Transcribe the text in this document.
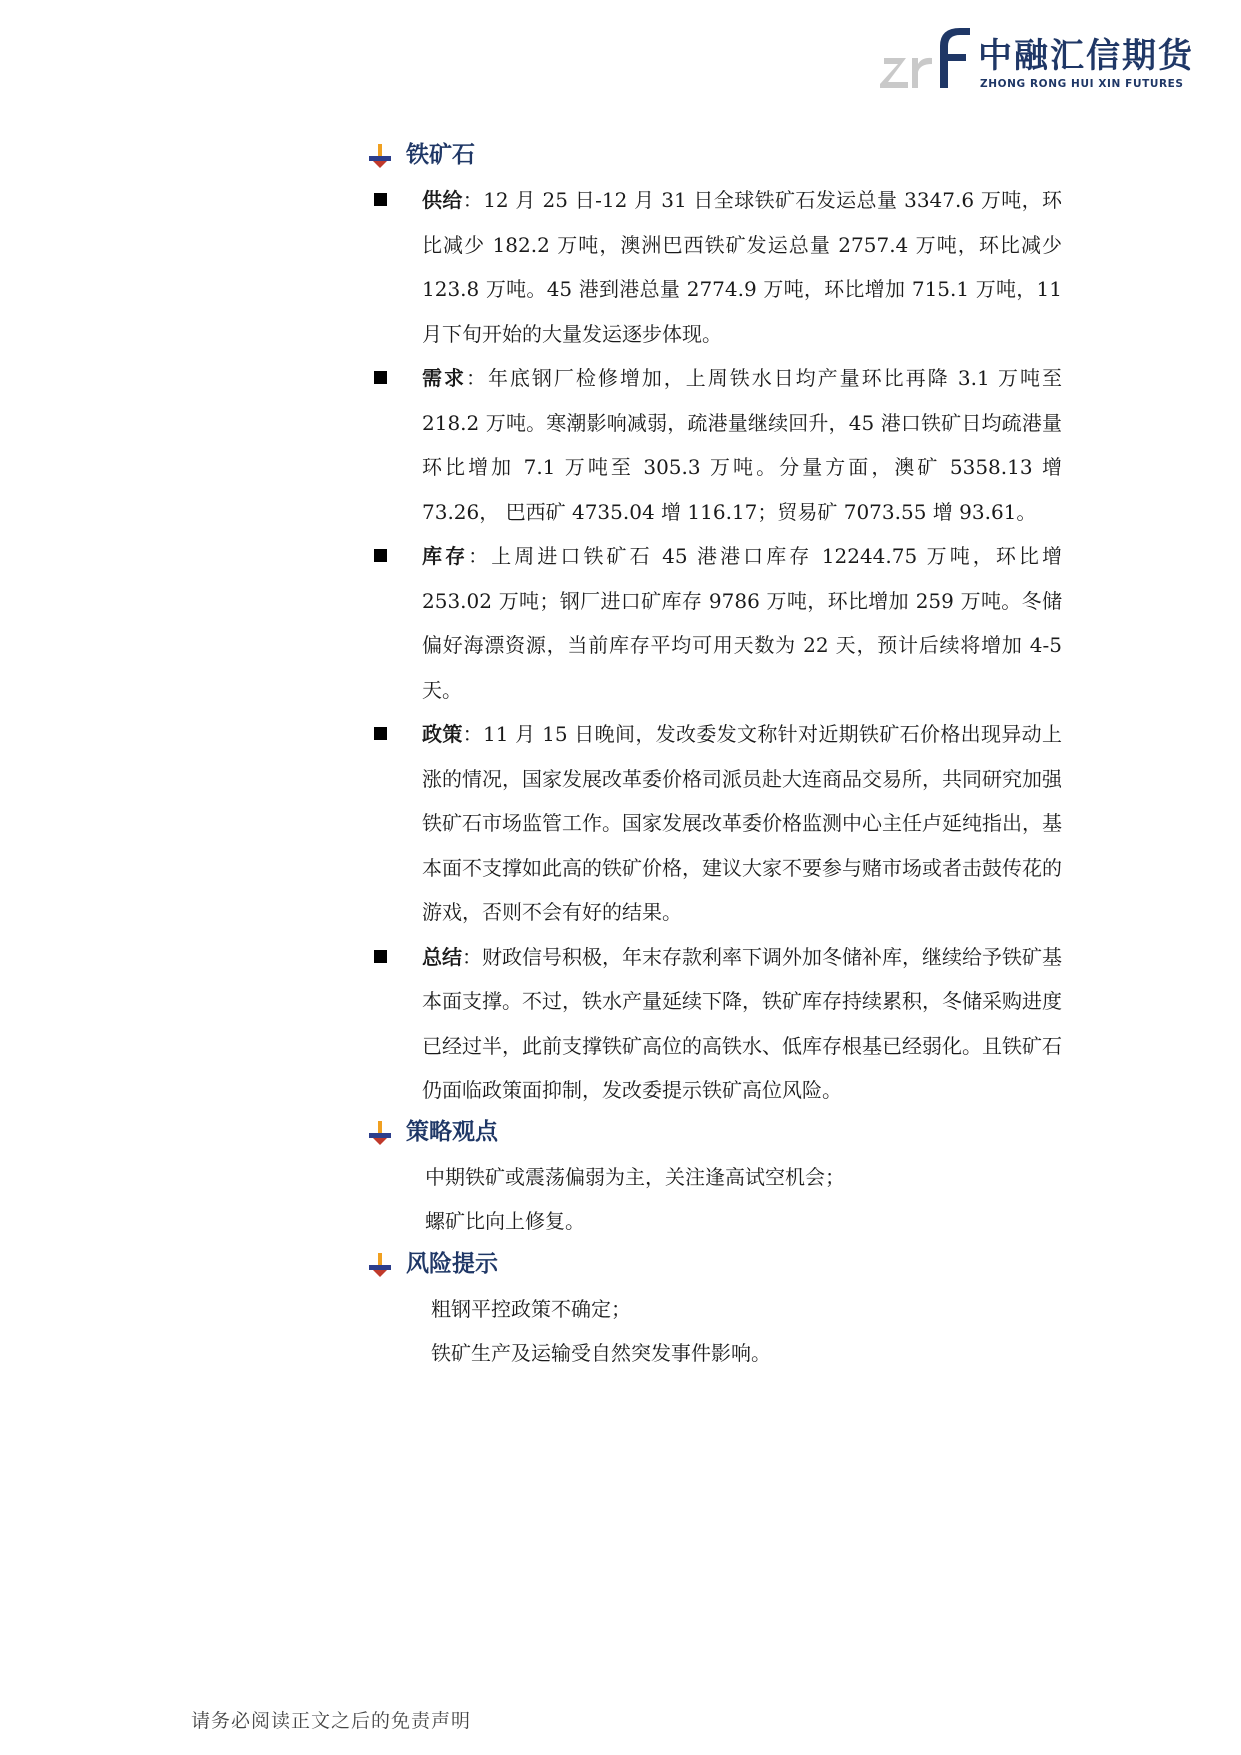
中融汇信期货
ZHONG RONG HUI XIN FUTURES
铁矿石

供给：12 月 25 日-12 月 31 日全球铁矿石发运总量 3347.6 万吨，环比减少 182.2 万吨，澳洲巴西铁矿发运总量 2757.4 万吨，环比减少 123.8 万吨。45 港到港总量 2774.9 万吨，环比增加 715.1 万吨，11 月下旬开始的大量发运逐步体现。

需求：年底钢厂检修增加，上周铁水日均产量环比再降 3.1 万吨至 218.2 万吨。寒潮影响减弱，疏港量继续回升，45 港口铁矿日均疏港量环比增加 7.1 万吨至 305.3 万吨。分量方面，澳矿 5358.13 增 73.26， 巴西矿 4735.04 增 116.17；贸易矿 7073.55 增 93.61。

库存：上周进口铁矿石 45 港港口库存 12244.75 万吨，环比增 253.02 万吨；钢厂进口矿库存 9786 万吨，环比增加 259 万吨。冬储偏好海漂资源，当前库存平均可用天数为 22 天，预计后续将增加 4-5 天。

政策：11 月 15 日晚间，发改委发文称针对近期铁矿石价格出现异动上涨的情况，国家发展改革委价格司派员赴大连商品交易所，共同研究加强铁矿石市场监管工作。国家发展改革委价格监测中心主任卢延纯指出，基本面不支撑如此高的铁矿价格，建议大家不要参与赌市场或者击鼓传花的游戏，否则不会有好的结果。

总结：财政信号积极，年末存款利率下调外加冬储补库，继续给予铁矿基本面支撑。不过，铁水产量延续下降，铁矿库存持续累积，冬储采购进度已经过半，此前支撑铁矿高位的高铁水、低库存根基已经弱化。且铁矿石仍面临政策面抑制，发改委提示铁矿高位风险。

策略观点

中期铁矿或震荡偏弱为主，关注逢高试空机会；

螺矿比向上修复。

风险提示

粗钢平控政策不确定；

铁矿生产及运输受自然突发事件影响。

请务必阅读正文之后的免责声明
